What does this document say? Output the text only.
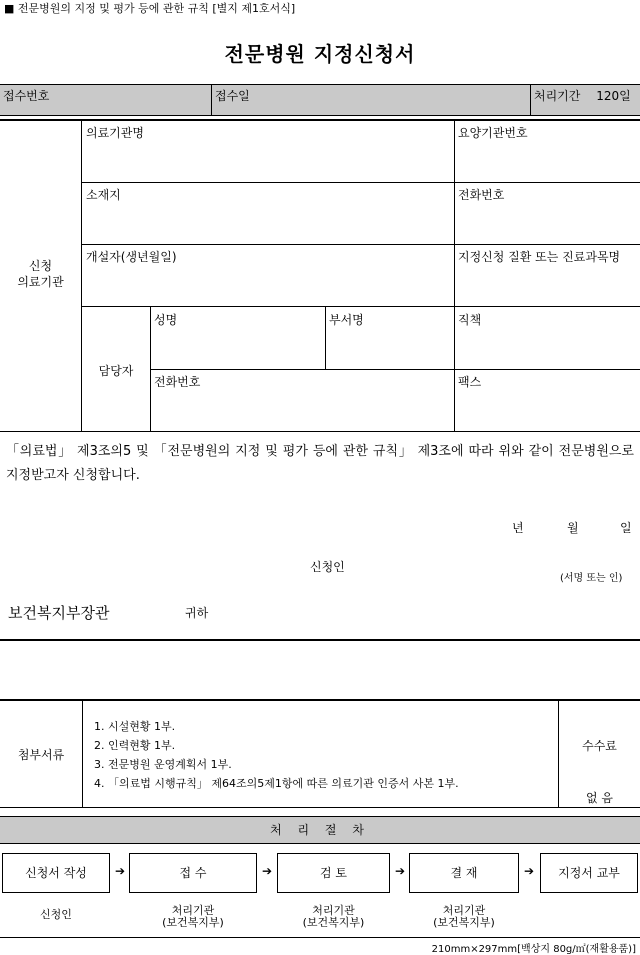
■ 전문병원의 지정 및 평가 등에 관한 규칙 [별지 제1호서식]
전문병원 지정신청서
접수번호	접수일	처리기간 120일
신청
의료기관
의료기관명	요양기관번호
소재지	전화번호
개설자(생년월일)	지정신청 질환 또는 진료과목명
담당자
성명	부서명	직책
전화번호	팩스
「의료법」 제3조의5 및 「전문병원의 지정 및 평가 등에 관한 규칙」 제3조에 따라 위와 같이 전문병원으로 지정받고자 신청합니다.
년	월	일
신청인
(서명 또는 인)
보건복지부장관	귀하
첨부서류
1. 시설현황 1부.
2. 인력현황 1부.
3. 전문병원 운영계획서 1부.
4. 「의료법 시행규칙」 제64조의5제1항에 따른 의료기관 인증서 사본 1부.
수수료
없 음
처 리 절 차
신청서 작성	➔	접 수	➔	검 토	➔	결 재	➔	지정서 교부
신청인	처리기관
(보건복지부)
처리기관
(보건복지부)
처리기관
(보건복지부)
210mm×297mm[백상지 80g/㎡(재활용품)]
